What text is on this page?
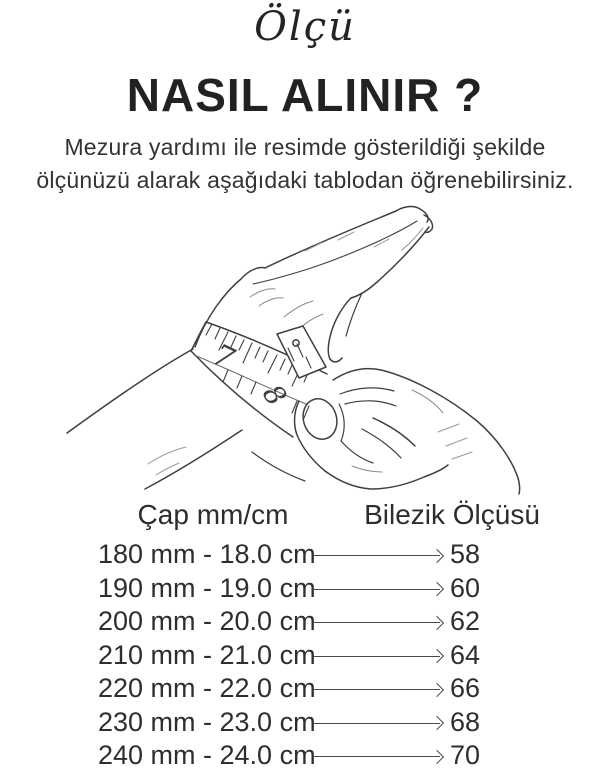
Ölçü
NASIL ALINIR ?
Mezura yardımı ile resimde gösterildiği şekilde
ölçünüzü alarak aşağıdaki tablodan öğrenebilirsiniz.
7
8
Çap mm/cm	Bilezik Ölçüsü
180 mm - 18.0 cm	58
190 mm - 19.0 cm	60
200 mm - 20.0 cm	62
210 mm - 21.0 cm	64
220 mm - 22.0 cm	66
230 mm - 23.0 cm	68
240 mm - 24.0 cm	70
